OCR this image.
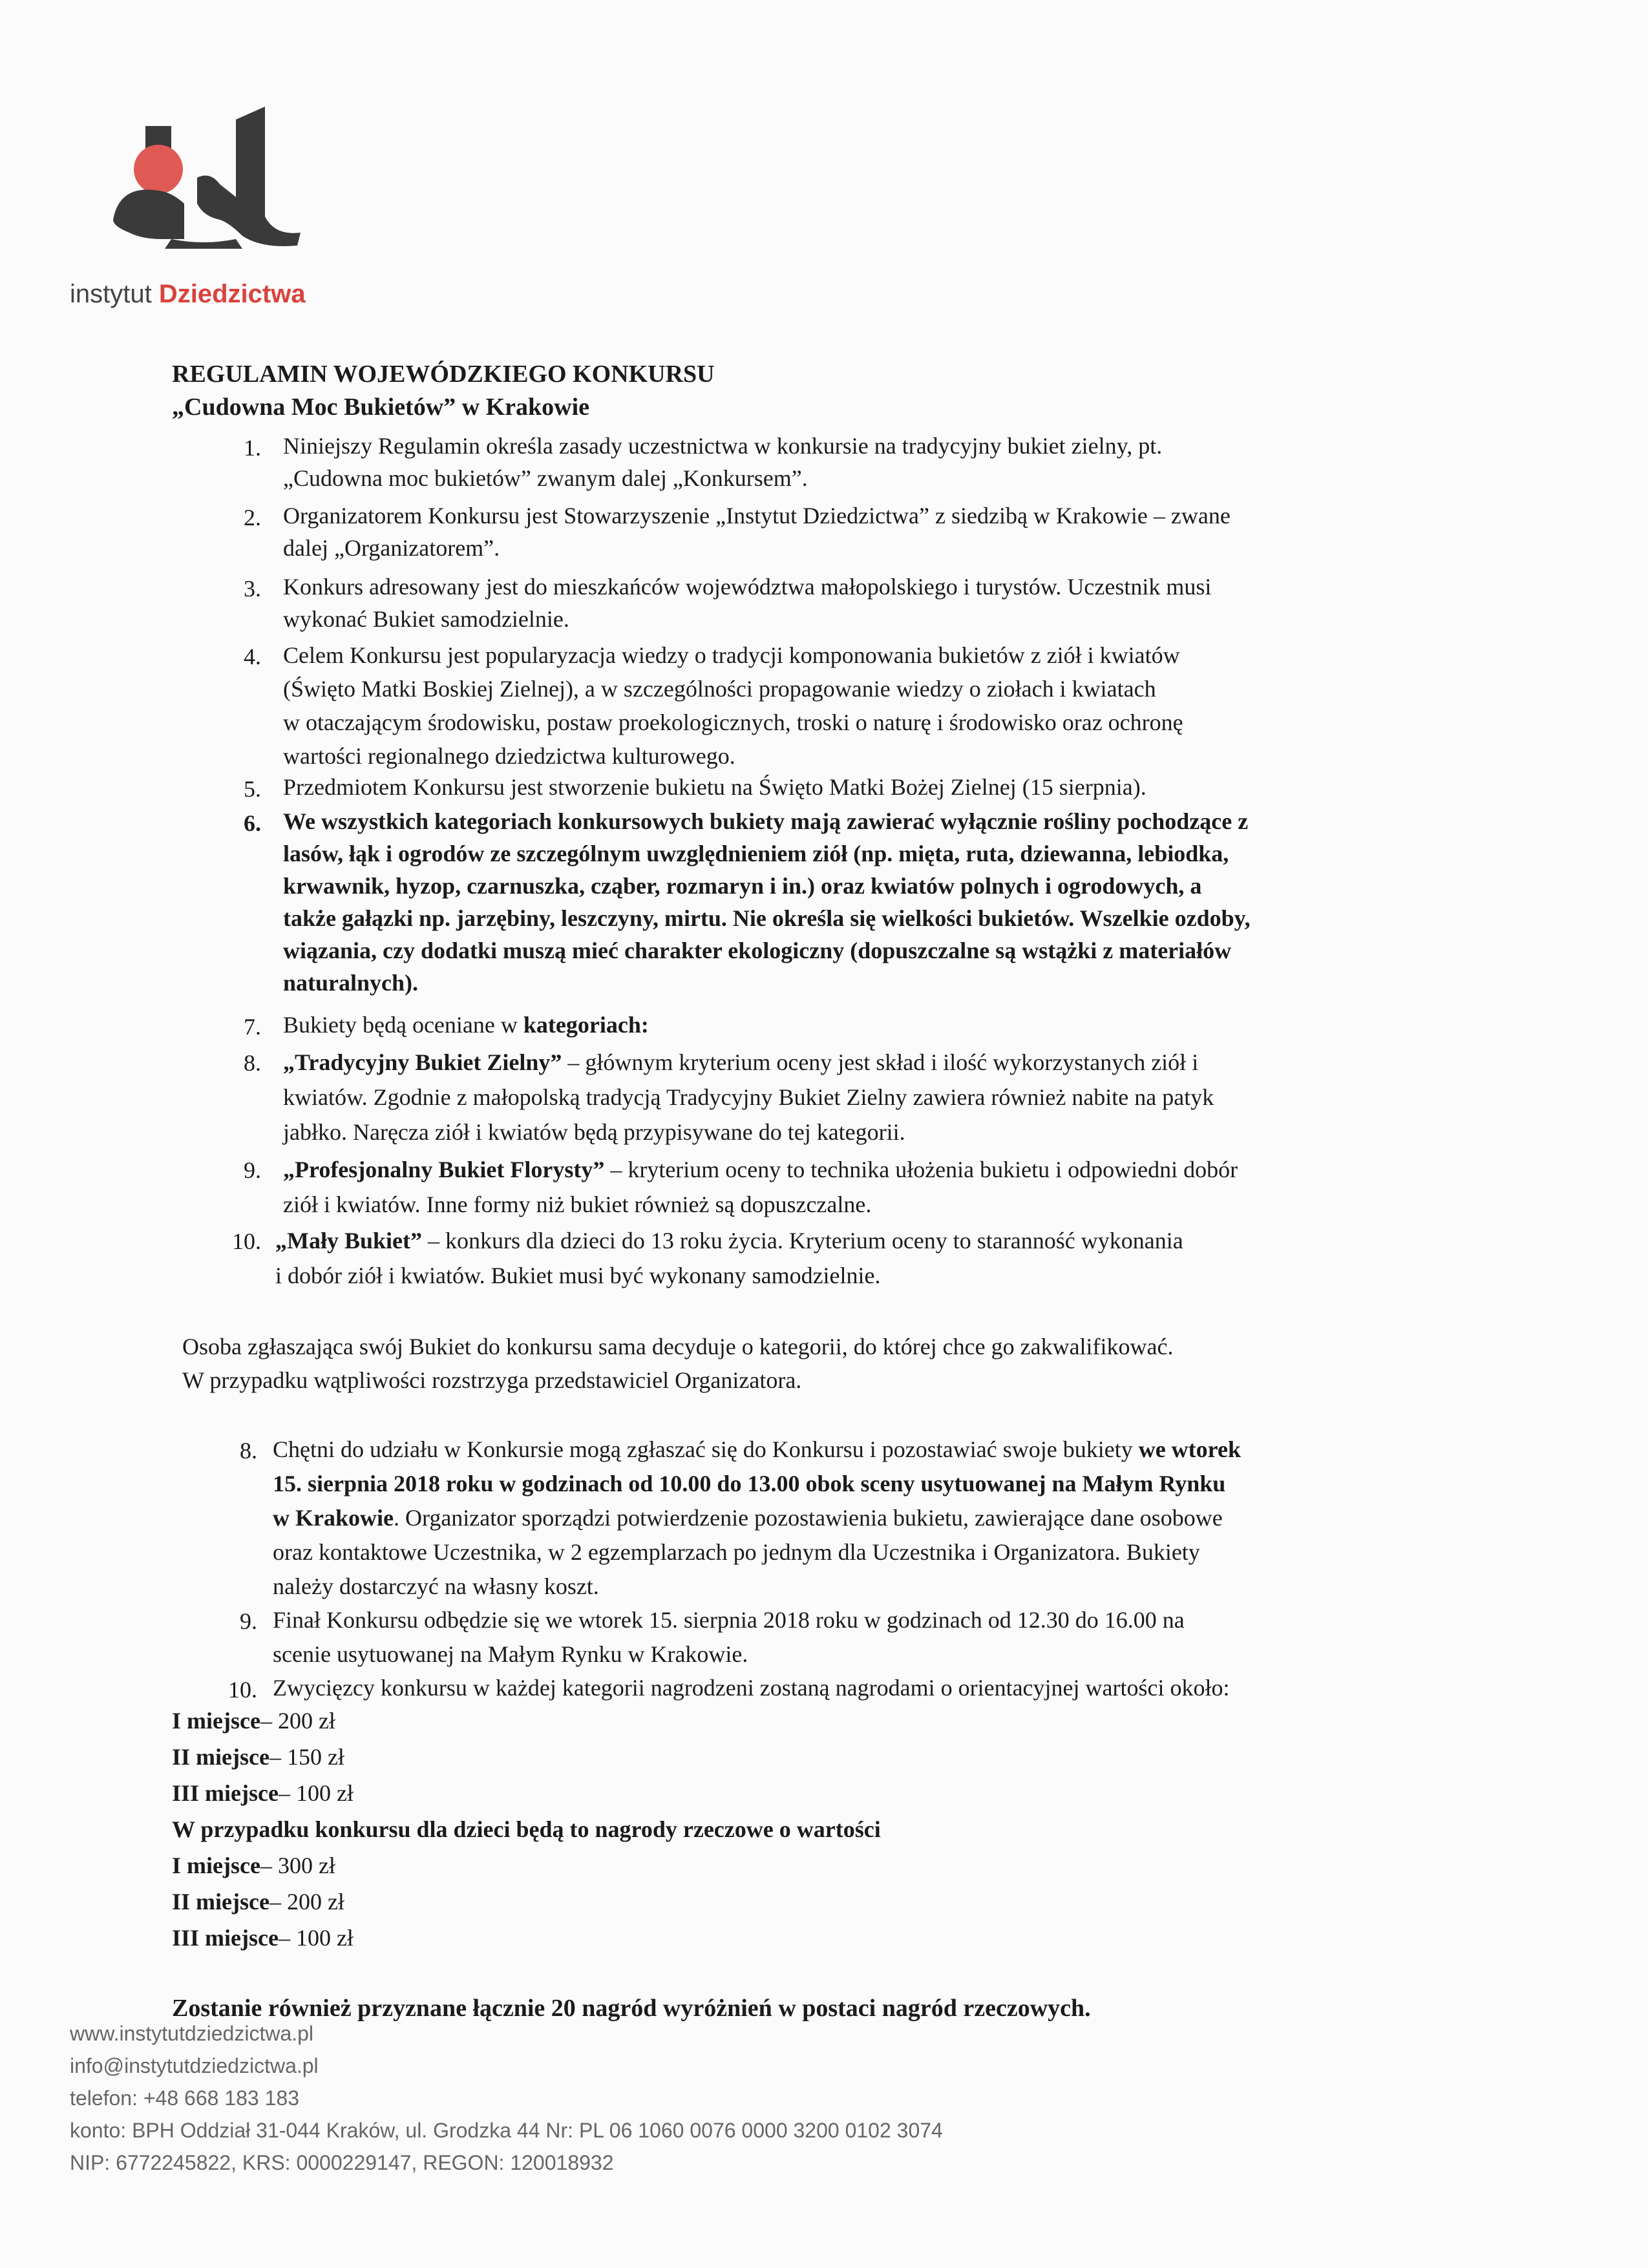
instytut Dziedzictwa
REGULAMIN WOJEWÓDZKIEGO KONKURSU
„Cudowna Moc Bukietów” w Krakowie
1. Niniejszy Regulamin określa zasady uczestnictwa w konkursie na tradycyjny bukiet zielny, pt.
„Cudowna moc bukietów” zwanym dalej „Konkursem”.
2. Organizatorem Konkursu jest Stowarzyszenie „Instytut Dziedzictwa” z siedzibą w Krakowie – zwane
dalej „Organizatorem”.
3. Konkurs adresowany jest do mieszkańców województwa małopolskiego i turystów. Uczestnik musi
wykonać Bukiet samodzielnie.
4. Celem Konkursu jest popularyzacja wiedzy o tradycji komponowania bukietów z ziół i kwiatów
(Święto Matki Boskiej Zielnej), a w szczególności propagowanie wiedzy o ziołach i kwiatach
w otaczającym środowisku, postaw proekologicznych, troski o naturę i środowisko oraz ochronę
wartości regionalnego dziedzictwa kulturowego.
5. Przedmiotem Konkursu jest stworzenie bukietu na Święto Matki Bożej Zielnej (15 sierpnia).
6. We wszystkich kategoriach konkursowych bukiety mają zawierać wyłącznie rośliny pochodzące z
lasów, łąk i ogrodów ze szczególnym uwzględnieniem ziół (np. mięta, ruta, dziewanna, lebiodka,
krwawnik, hyzop, czarnuszka, cząber, rozmaryn i in.) oraz kwiatów polnych i ogrodowych, a
także gałązki np. jarzębiny, leszczyny, mirtu. Nie określa się wielkości bukietów. Wszelkie ozdoby,
wiązania, czy dodatki muszą mieć charakter ekologiczny (dopuszczalne są wstążki z materiałów
naturalnych).
7. Bukiety będą oceniane w kategoriach:
8. „Tradycyjny Bukiet Zielny” – głównym kryterium oceny jest skład i ilość wykorzystanych ziół i
kwiatów. Zgodnie z małopolską tradycją Tradycyjny Bukiet Zielny zawiera również nabite na patyk
jabłko. Naręcza ziół i kwiatów będą przypisywane do tej kategorii.
9. „Profesjonalny Bukiet Florysty” – kryterium oceny to technika ułożenia bukietu i odpowiedni dobór
ziół i kwiatów. Inne formy niż bukiet również są dopuszczalne.
10. „Mały Bukiet” – konkurs dla dzieci do 13 roku życia. Kryterium oceny to staranność wykonania
i dobór ziół i kwiatów. Bukiet musi być wykonany samodzielnie.
Osoba zgłaszająca swój Bukiet do konkursu sama decyduje o kategorii, do której chce go zakwalifikować.
W przypadku wątpliwości rozstrzyga przedstawiciel Organizatora.
8. Chętni do udziału w Konkursie mogą zgłaszać się do Konkursu i pozostawiać swoje bukiety we wtorek
15. sierpnia 2018 roku w godzinach od 10.00 do 13.00 obok sceny usytuowanej na Małym Rynku
w Krakowie. Organizator sporządzi potwierdzenie pozostawienia bukietu, zawierające dane osobowe
oraz kontaktowe Uczestnika, w 2 egzemplarzach po jednym dla Uczestnika i Organizatora. Bukiety
należy dostarczyć na własny koszt.
9. Finał Konkursu odbędzie się we wtorek 15. sierpnia 2018 roku w godzinach od 12.30 do 16.00 na
scenie usytuowanej na Małym Rynku w Krakowie.
10. Zwycięzcy konkursu w każdej kategorii nagrodzeni zostaną nagrodami o orientacyjnej wartości około:
I miejsce– 200 zł
II miejsce– 150 zł
III miejsce– 100 zł
W przypadku konkursu dla dzieci będą to nagrody rzeczowe o wartości
I miejsce– 300 zł
II miejsce– 200 zł
III miejsce– 100 zł
Zostanie również przyznane łącznie 20 nagród wyróżnień w postaci nagród rzeczowych.
www.instytutdziedzictwa.pl
info@instytutdziedzictwa.pl
telefon: +48 668 183 183
konto: BPH Oddział 31-044 Kraków, ul. Grodzka 44 Nr: PL 06 1060 0076 0000 3200 0102 3074
NIP: 6772245822, KRS: 0000229147, REGON: 120018932
